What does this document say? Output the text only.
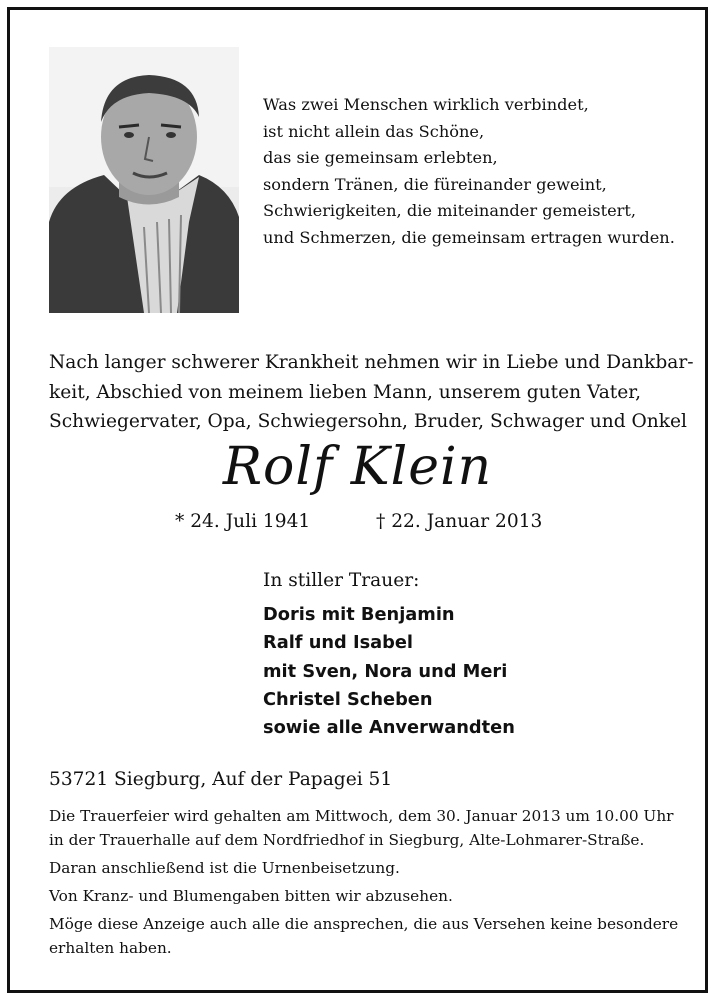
Was zwei Menschen wirklich verbindet,
ist nicht allein das Schöne,
das sie gemeinsam erlebten,
sondern Tränen, die füreinander geweint,
Schwierigkeiten, die miteinander gemeistert,
und Schmerzen, die gemeinsam ertragen wurden.
Nach langer schwerer Krankheit nehmen wir in Liebe und Dankbar-
keit, Abschied von meinem lieben Mann, unserem guten Vater,
Schwiegervater, Opa, Schwiegersohn, Bruder, Schwager und Onkel
Rolf Klein
* 24. Juli 1941	† 22. Januar 2013
In stiller Trauer:
Doris mit Benjamin
Ralf und Isabel
mit Sven, Nora und Meri
Christel Scheben
sowie alle Anverwandten
53721 Siegburg, Auf der Papagei 51
Die Trauerfeier wird gehalten am Mittwoch, dem 30. Januar 2013 um 10.00 Uhr
in der Trauerhalle auf dem Nordfriedhof in Siegburg, Alte-Lohmarer-Straße.
Daran anschließend ist die Urnenbeisetzung.
Von Kranz- und Blumengaben bitten wir abzusehen.
Möge diese Anzeige auch alle die ansprechen, die aus Versehen keine besondere
erhalten haben.
